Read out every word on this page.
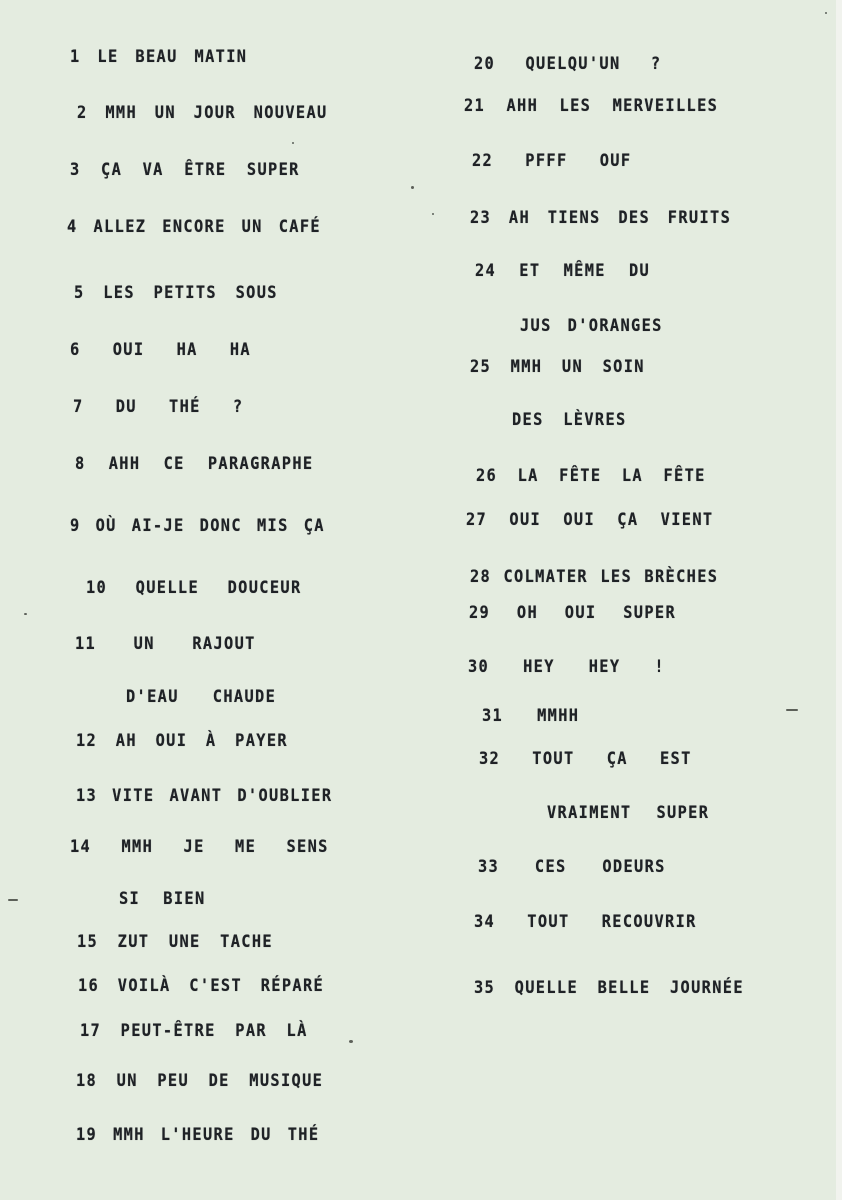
1 LE BEAU MATIN

2 MMH UN JOUR NOUVEAU

3 ÇA VA ÊTRE SUPER

4 ALLEZ ENCORE UN CAFÉ

5 LES PETITS SOUS

6 OUI HA HA

7 DU THÉ ?

8 AHH CE PARAGRAPHE

9 OÙ AI-JE DONC MIS ÇA

10 QUELLE DOUCEUR

11 UN RAJOUT

D'EAU CHAUDE

12 AH OUI À PAYER

13 VITE AVANT D'OUBLIER

14 MMH JE ME SENS

SI BIEN

15 ZUT UNE TACHE

16 VOILÀ C'EST RÉPARÉ

17 PEUT-ÊTRE PAR LÀ

18 UN PEU DE MUSIQUE

19 MMH L'HEURE DU THÉ

20 QUELQU'UN ?

21 AHH LES MERVEILLES

22 PFFF OUF

23 AH TIENS DES FRUITS

24 ET MÊME DU

JUS D'ORANGES

25 MMH UN SOIN

DES LÈVRES

26 LA FÊTE LA FÊTE

27 OUI OUI ÇA VIENT

28 COLMATER LES BRÈCHES

29 OH OUI SUPER

30 HEY HEY !

31 MMHH

32 TOUT ÇA EST

VRAIMENT SUPER

33 CES ODEURS

34 TOUT RECOUVRIR

35 QUELLE BELLE JOURNÉE
